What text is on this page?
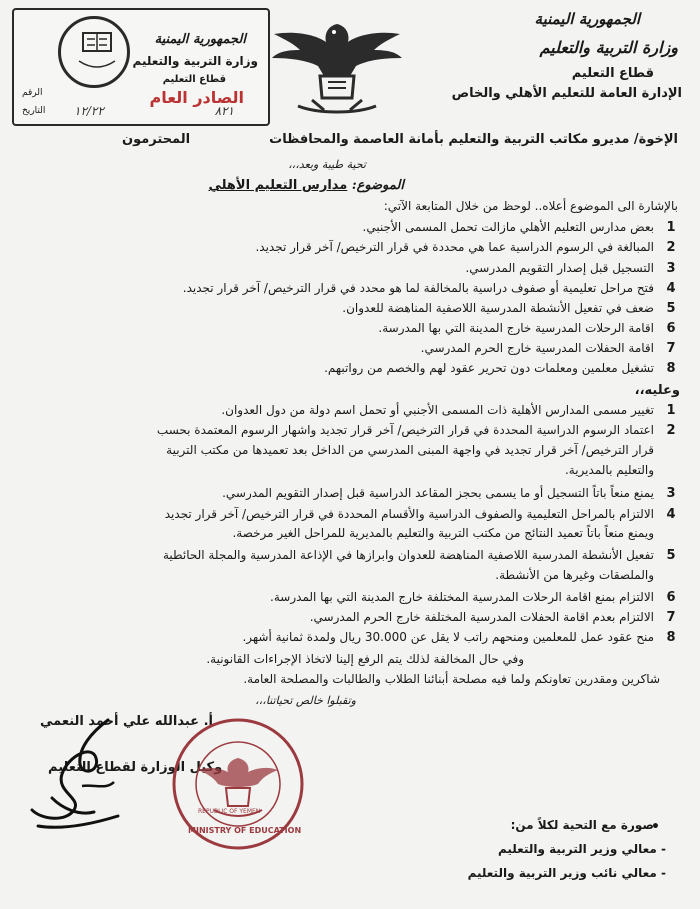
الجمهورية اليمنية
وزارة التربية والتعليم
قطاع التعليم
الإدارة العامة للتعليم الأهلي والخاص
الجمهورية اليمنية
وزارة التربية والتعليم
قطاع التعليم
الصادر العام
الرقم
٨٢١
التاريخ ١٢/٢٢
الإخوة/ مديرو مكاتب التربية والتعليم بأمانة العاصمة والمحافظات
المحترمون
تحية طيبة وبعد،،،
الموضوع: مدارس التعليم الأهلي
بالإشارة الى الموضوع أعلاه.. لوحظ من خلال المتابعة الآتي:
1
بعض مدارس التعليم الأهلي مازالت تحمل المسمى الأجنبي.
2
المبالغة في الرسوم الدراسية عما هي محددة في قرار الترخيص/ آخر قرار تجديد.
3
التسجيل قبل إصدار التقويم المدرسي.
4
فتح مراحل تعليمية أو صفوف دراسية بالمخالفة لما هو محدد في قرار الترخيص/ آخر قرار تجديد.
5
ضعف في تفعيل الأنشطة المدرسية اللاصفية المناهضة للعدوان.
6
اقامة الرحلات المدرسية خارج المدينة التي بها المدرسة.
7
اقامة الحفلات المدرسية خارج الحرم المدرسي.
8
تشغيل معلمين ومعلمات دون تحرير عقود لهم والخصم من رواتبهم.
وعليه،،
1
تغيير مسمى المدارس الأهلية ذات المسمى الأجنبي أو تحمل اسم دولة من دول العدوان.
2
اعتماد الرسوم الدراسية المحددة في قرار الترخيص/ آخر قرار تجديد واشهار الرسوم المعتمدة بحسب
قرار الترخيص/ آخر قرار تجديد في واجهة المبنى المدرسي من الداخل بعد تعميدها من مكتب التربية
والتعليم بالمديرية.
3
يمنع منعاً باتاً التسجيل أو ما يسمى بحجز المقاعد الدراسية قبل إصدار التقويم المدرسي.
4
الالتزام بالمراحل التعليمية والصفوف الدراسية والأقسام المحددة في قرار الترخيص/ آخر قرار تجديد
ويمنع منعاً باتاً تعميد النتائج من مكتب التربية والتعليم بالمديرية للمراحل الغير مرخصة.
5
تفعيل الأنشطة المدرسية اللاصفية المناهضة للعدوان وابرازها في الإذاعة المدرسية والمجلة الحائطية
والملصقات وغيرها من الأنشطة.
6
الالتزام بمنع اقامة الرحلات المدرسية المختلفة خارج المدينة التي بها المدرسة.
7
الالتزام بعدم اقامة الحفلات المدرسية المختلفة خارج الحرم المدرسي.
8
منح عقود عمل للمعلمين ومنحهم راتب لا يقل عن 30.000 ريال ولمدة ثمانية أشهر.
وفي حال المخالفة لذلك يتم الرفع إلينا لاتخاذ الإجراءات القانونية.
شاكرين ومقدرين تعاونكم ولما فيه مصلحة أبنائنا الطلاب والطالبات والمصلحة العامة.
وتقبلوا خالص تحياتنا،،،
أ. عبدالله علي أحمد النعمي
وكيل الوزارة لقطاع التعليم
REPUBLIC OF YEMEN
MINISTRY OF EDUCATION	صورة مع التحية لكلاً من:
•
- معالي وزير التربية والتعليم
- معالي نائب وزير التربية والتعليم
